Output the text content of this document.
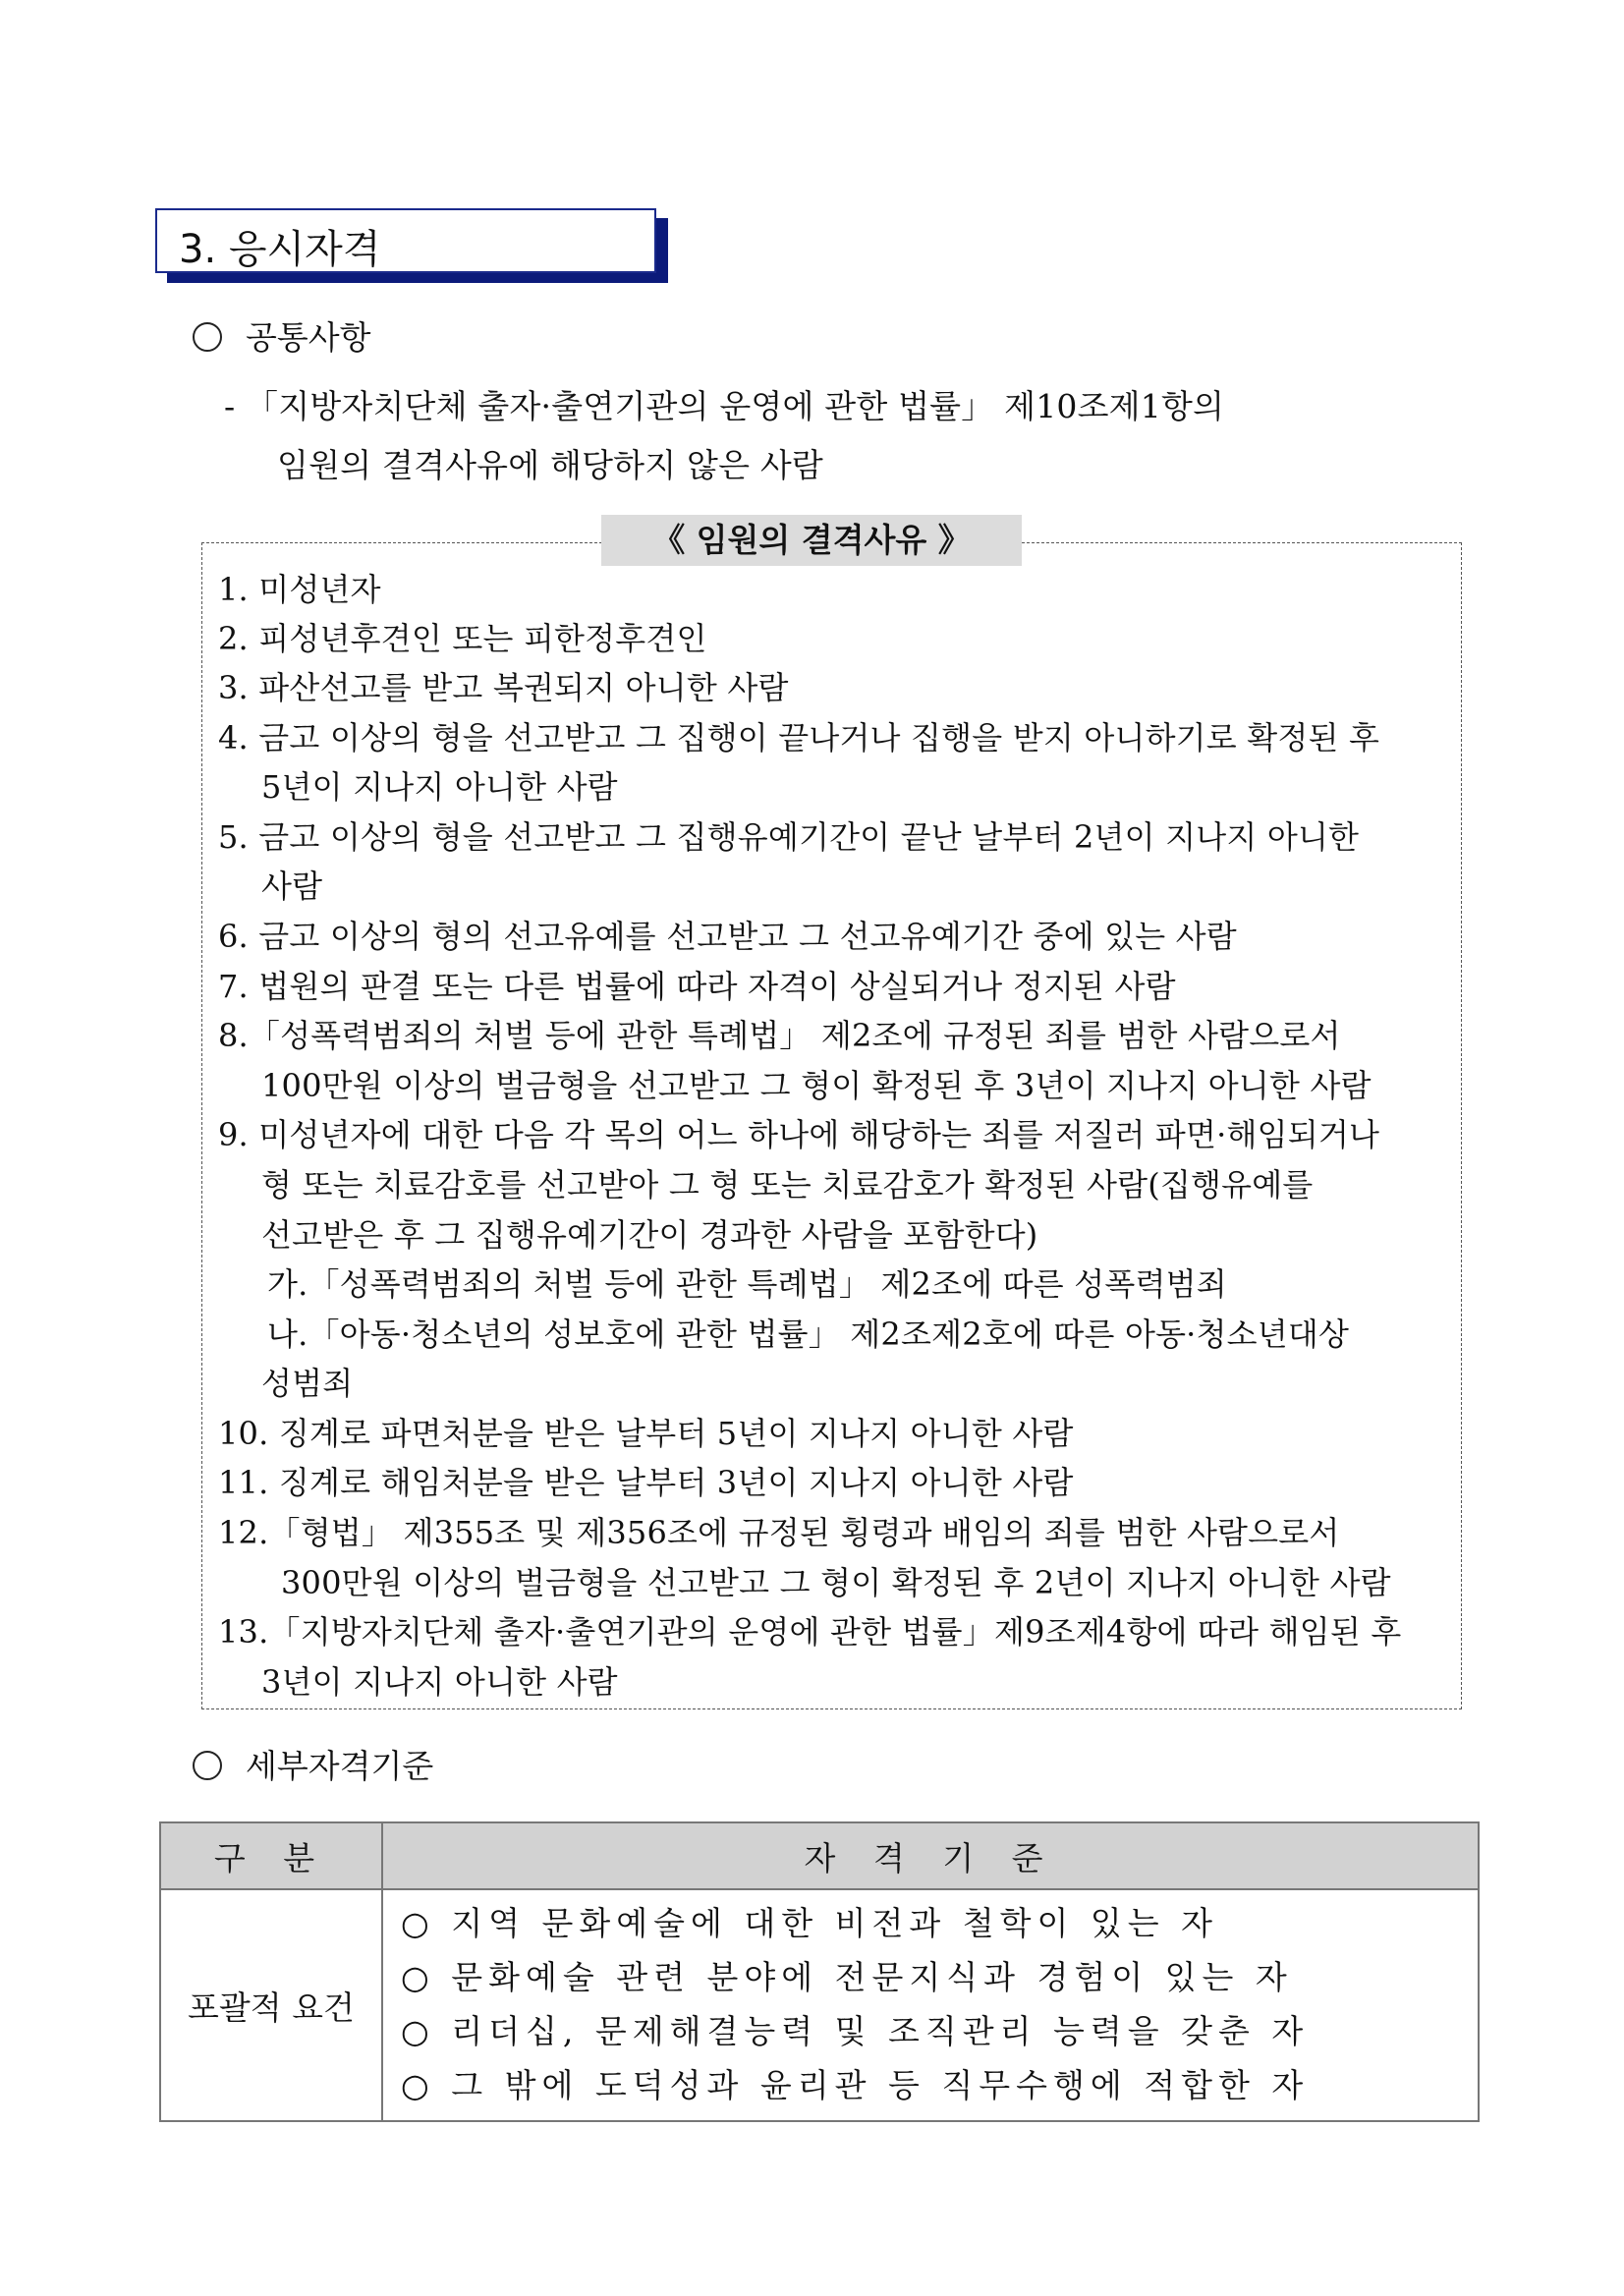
3. 응시자격
공통사항
- 「지방자치단체 출자·출연기관의 운영에 관한 법률」 제10조제1항의
임원의 결격사유에 해당하지 않은 사람
《 임원의 결격사유 》
1. 미성년자
2. 피성년후견인 또는 피한정후견인
3. 파산선고를 받고 복권되지 아니한 사람
4. 금고 이상의 형을 선고받고 그 집행이 끝나거나 집행을 받지 아니하기로 확정된 후
5년이 지나지 아니한 사람
5. 금고 이상의 형을 선고받고 그 집행유예기간이 끝난 날부터 2년이 지나지 아니한
사람
6. 금고 이상의 형의 선고유예를 선고받고 그 선고유예기간 중에 있는 사람
7. 법원의 판결 또는 다른 법률에 따라 자격이 상실되거나 정지된 사람
8.「성폭력범죄의 처벌 등에 관한 특례법」 제2조에 규정된 죄를 범한 사람으로서
100만원 이상의 벌금형을 선고받고 그 형이 확정된 후 3년이 지나지 아니한 사람
9. 미성년자에 대한 다음 각 목의 어느 하나에 해당하는 죄를 저질러 파면·해임되거나
형 또는 치료감호를 선고받아 그 형 또는 치료감호가 확정된 사람(집행유예를
선고받은 후 그 집행유예기간이 경과한 사람을 포함한다)
가.「성폭력범죄의 처벌 등에 관한 특례법」 제2조에 따른 성폭력범죄
나.「아동·청소년의 성보호에 관한 법률」 제2조제2호에 따른 아동·청소년대상
성범죄
10. 징계로 파면처분을 받은 날부터 5년이 지나지 아니한 사람
11. 징계로 해임처분을 받은 날부터 3년이 지나지 아니한 사람
12.「형법」 제355조 및 제356조에 규정된 횡령과 배임의 죄를 범한 사람으로서
300만원 이상의 벌금형을 선고받고 그 형이 확정된 후 2년이 지나지 아니한 사람
13.「지방자치단체 출자·출연기관의 운영에 관한 법률」제9조제4항에 따라 해임된 후
3년이 지나지 아니한 사람
세부자격기준
구 분	자 격 기 준
포괄적 요건	○ 지역 문화예술에 대한 비전과 철학이 있는 자
○ 문화예술 관련 분야에 전문지식과 경험이 있는 자
○ 리더십, 문제해결능력 및 조직관리 능력을 갖춘 자
○ 그 밖에 도덕성과 윤리관 등 직무수행에 적합한 자
